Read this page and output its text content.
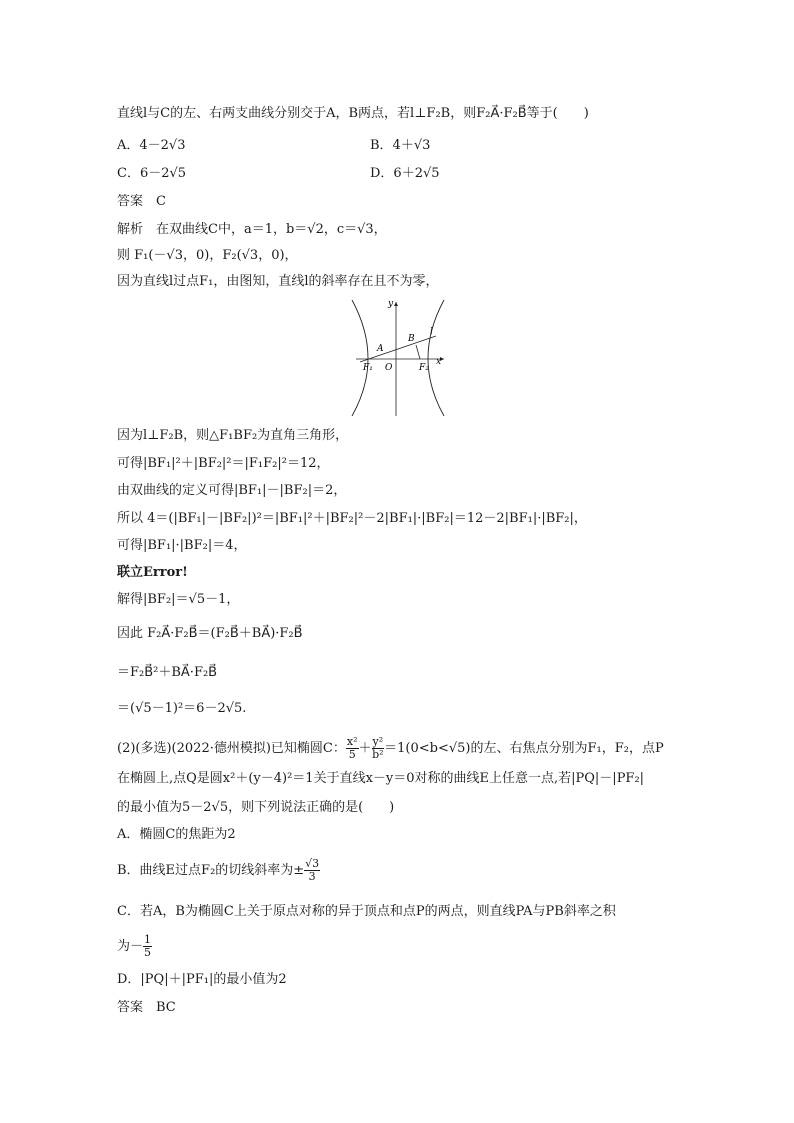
直线l与C的左、右两支曲线分别交于A，B两点，若l⊥F₂B，则F₂A⃗·F₂B⃗等于(　　)
A．4－2√3	B．4＋√3
C．6－2√5	D．6＋2√5
答案　C
解析　在双曲线C中，a＝1，b＝√2，c＝√3，
则 F₁(－√3，0)，F₂(√3，0)，
因为直线l过点F₁，由图知，直线l的斜率存在且不为零，
y
x
l
A
B
F₁ O	F₂
因为l⊥F₂B，则△F₁BF₂为直角三角形，
可得|BF₁|²＋|BF₂|²＝|F₁F₂|²＝12，
由双曲线的定义可得|BF₁|－|BF₂|＝2，
所以 4＝(|BF₁|－|BF₂|)²＝|BF₁|²＋|BF₂|²－2|BF₁|·|BF₂|＝12－2|BF₁|·|BF₂|，
可得|BF₁|·|BF₂|＝4，
联立Error!
解得|BF₂|＝√5－1，
因此 F₂A⃗·F₂B⃗＝(F₂B⃗＋BA⃗)·F₂B⃗
＝F₂B⃗²＋BA⃗·F₂B⃗
＝(√5－1)²＝6－2√5.
(2)(多选)(2022·德州模拟)已知椭圆C： $\frac{\text{x²}}{5} + \frac{\text{y²}}{\text{b²}} =1(0<b<√5)$的左、右焦点分别为F₁，F₂，点P
在椭圆上,点Q是圆x²＋(y－4)²＝1关于直线x－y＝0对称的曲线E上任意一点,若|PQ|－|PF₂|
的最小值为5－2√5，则下列说法正确的是(　　)
A．椭圆C的焦距为2
B．曲线E过点F₂的切线斜率为± $\frac{√3}{3}$
C．若A，B为椭圆C上关于原点对称的异于顶点和点P的两点，则直线PA与PB斜率之积
为－ $\frac{1}{5}$
D．|PQ|＋|PF₁|的最小值为2
答案　BC
